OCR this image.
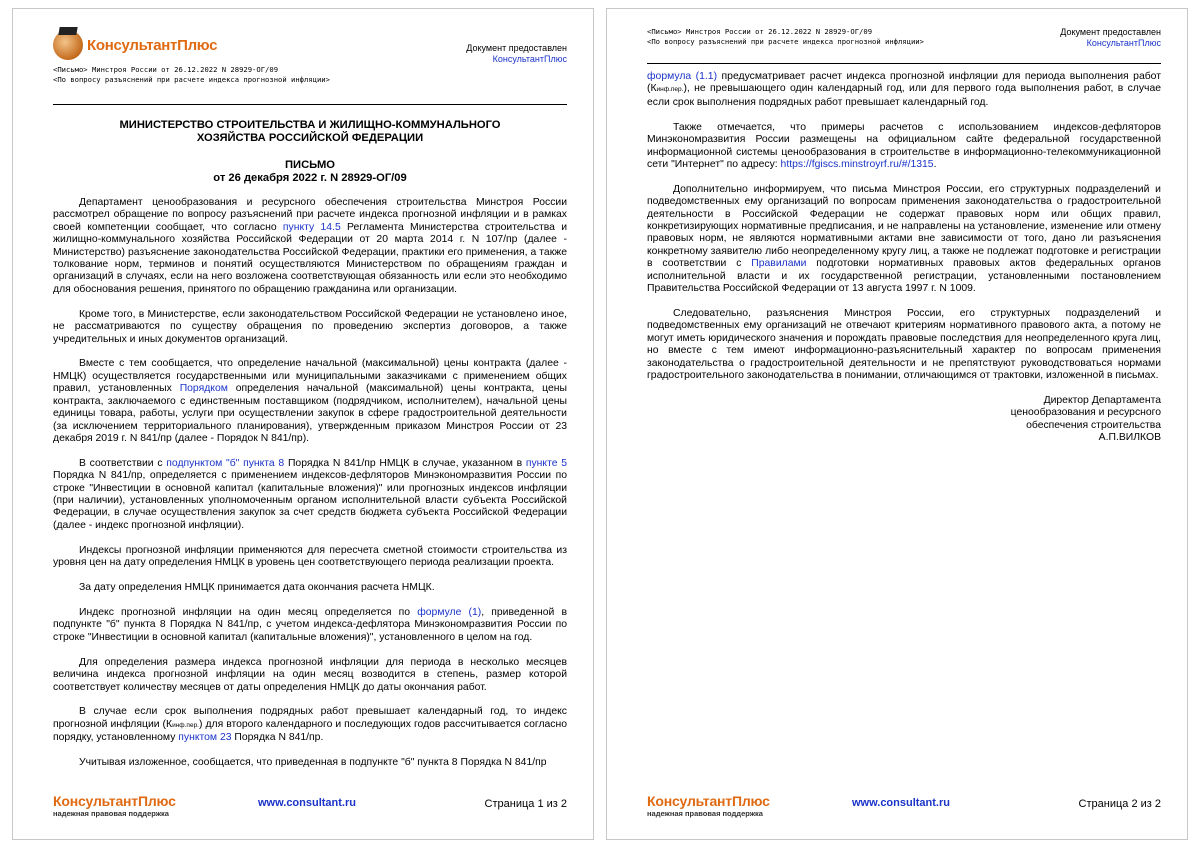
КонсультантПлюс	Документ предоставлен
КонсультантПлюс
<Письмо> Минстроя России от 26.12.2022 N 28929-ОГ/09
<По вопросу разъяснений при расчете индекса прогнозной инфляции>
МИНИСТЕРСТВО СТРОИТЕЛЬСТВА И ЖИЛИЩНО-КОММУНАЛЬНОГО
ХОЗЯЙСТВА РОССИЙСКОЙ ФЕДЕРАЦИИ
ПИСЬМО
от 26 декабря 2022 г. N 28929-ОГ/09

Департамент ценообразования и ресурсного обеспечения строительства Минстроя России рассмотрел обращение по вопросу разъяснений при расчете индекса прогнозной инфляции и в рамках своей компетенции сообщает, что согласно пункту 14.5 Регламента Министерства строительства и жилищно-коммунального хозяйства Российской Федерации от 20 марта 2014 г. N 107/пр (далее - Министерство) разъяснение законодательства Российской Федерации, практики его применения, а также толкование норм, терминов и понятий осуществляются Министерством по обращениям граждан и организаций в случаях, если на него возложена соответствующая обязанность или если это необходимо для обоснования решения, принятого по обращению гражданина или организации.

Кроме того, в Министерстве, если законодательством Российской Федерации не установлено иное, не рассматриваются по существу обращения по проведению экспертиз договоров, а также учредительных и иных документов организаций.

Вместе с тем сообщается, что определение начальной (максимальной) цены контракта (далее - НМЦК) осуществляется государственными или муниципальными заказчиками с применением общих правил, установленных Порядком определения начальной (максимальной) цены контракта, цены контракта, заключаемого с единственным поставщиком (подрядчиком, исполнителем), начальной цены единицы товара, работы, услуги при осуществлении закупок в сфере градостроительной деятельности (за исключением территориального планирования), утвержденным приказом Минстроя России от 23 декабря 2019 г. N 841/пр (далее - Порядок N 841/пр).

В соответствии с подпунктом "б" пункта 8 Порядка N 841/пр НМЦК в случае, указанном в пункте 5 Порядка N 841/пр, определяется с применением индексов-дефляторов Минэкономразвития России по строке "Инвестиции в основной капитал (капитальные вложения)" или прогнозных индексов инфляции (при наличии), установленных уполномоченным органом исполнительной власти субъекта Российской Федерации, в случае осуществления закупок за счет средств бюджета субъекта Российской Федерации (далее - индекс прогнозной инфляции).

Индексы прогнозной инфляции применяются для пересчета сметной стоимости строительства из уровня цен на дату определения НМЦК в уровень цен соответствующего периода реализации проекта.

За дату определения НМЦК принимается дата окончания расчета НМЦК.

Индекс прогнозной инфляции на один месяц определяется по формуле (1), приведенной в подпункте "б" пункта 8 Порядка N 841/пр, с учетом индекса-дефлятора Минэкономразвития России по строке "Инвестиции в основной капитал (капитальные вложения)", установленного в целом на год.

Для определения размера индекса прогнозной инфляции для периода в несколько месяцев величина индекса прогнозной инфляции на один месяц возводится в степень, размер которой соответствует количеству месяцев от даты определения НМЦК до даты окончания работ.

В случае если срок выполнения подрядных работ превышает календарный год, то индекс прогнозной инфляции (Кинф.пер.) для второго календарного и последующих годов рассчитывается согласно порядку, установленному пунктом 23 Порядка N 841/пр.

Учитывая изложенное, сообщается, что приведенная в подпункте "б" пункта 8 Порядка N 841/пр

КонсультантПлюс
надежная правовая поддержка
www.consultant.ru	Страница 1 из 2
<Письмо> Минстроя России от 26.12.2022 N 28929-ОГ/09
<По вопросу разъяснений при расчете индекса прогнозной инфляции>
Документ предоставлен
КонсультантПлюс

формула (1.1) предусматривает расчет индекса прогнозной инфляции для периода выполнения работ (Кинф.пер.), не превышающего один календарный год, или для первого года выполнения работ, в случае если срок выполнения подрядных работ превышает календарный год.

Также отмечается, что примеры расчетов с использованием индексов-дефляторов Минэкономразвития России размещены на официальном сайте федеральной государственной информационной системы ценообразования в строительстве в информационно-телекоммуникационной сети "Интернет" по адресу: https://fgiscs.minstroyrf.ru/#/1315.

Дополнительно информируем, что письма Минстроя России, его структурных подразделений и подведомственных ему организаций по вопросам применения законодательства о градостроительной деятельности в Российской Федерации не содержат правовых норм или общих правил, конкретизирующих нормативные предписания, и не направлены на установление, изменение или отмену правовых норм, не являются нормативными актами вне зависимости от того, дано ли разъяснения конкретному заявителю либо неопределенному кругу лиц, а также не подлежат подготовке и регистрации в соответствии с Правилами подготовки нормативных правовых актов федеральных органов исполнительной власти и их государственной регистрации, установленными постановлением Правительства Российской Федерации от 13 августа 1997 г. N 1009.

Следовательно, разъяснения Минстроя России, его структурных подразделений и подведомственных ему организаций не отвечают критериям нормативного правового акта, а потому не могут иметь юридического значения и порождать правовые последствия для неопределенного круга лиц, но вместе с тем имеют информационно-разъяснительный характер по вопросам применения законодательства о градостроительной деятельности и не препятствуют руководствоваться нормами градостроительного законодательства в понимании, отличающимся от трактовки, изложенной в письмах.

Директор Департамента
ценообразования и ресурсного
обеспечения строительства
А.П.ВИЛКОВ
КонсультантПлюс
надежная правовая поддержка
www.consultant.ru	Страница 2 из 2
